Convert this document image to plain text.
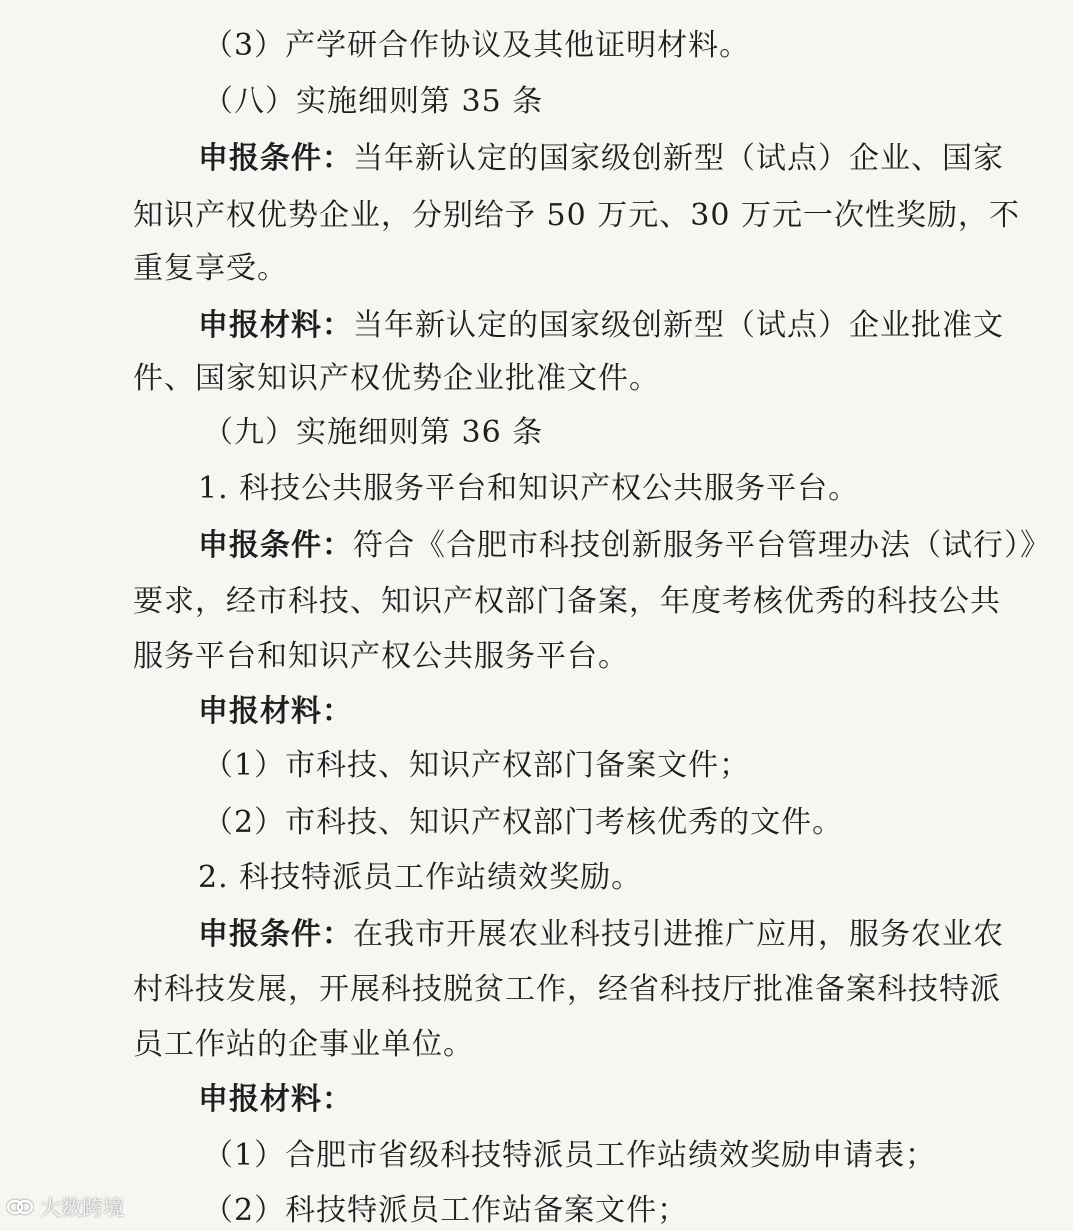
（3）产学研合作协议及其他证明材料。
（八）实施细则第 35 条
申报条件：当年新认定的国家级创新型（试点）企业、国家
知识产权优势企业，分别给予 50 万元、30 万元一次性奖励，不
重复享受。
申报材料：当年新认定的国家级创新型（试点）企业批准文
件、国家知识产权优势企业批准文件。
（九）实施细则第 36 条
1. 科技公共服务平台和知识产权公共服务平台。
申报条件：符合《合肥市科技创新服务平台管理办法（试行）》
要求，经市科技、知识产权部门备案，年度考核优秀的科技公共
服务平台和知识产权公共服务平台。
申报材料：
（1）市科技、知识产权部门备案文件；
（2）市科技、知识产权部门考核优秀的文件。
2. 科技特派员工作站绩效奖励。
申报条件：在我市开展农业科技引进推广应用，服务农业农
村科技发展，开展科技脱贫工作，经省科技厅批准备案科技特派
员工作站的企事业单位。
申报材料：
（1）合肥市省级科技特派员工作站绩效奖励申请表；
（2）科技特派员工作站备案文件；
大数跨境
